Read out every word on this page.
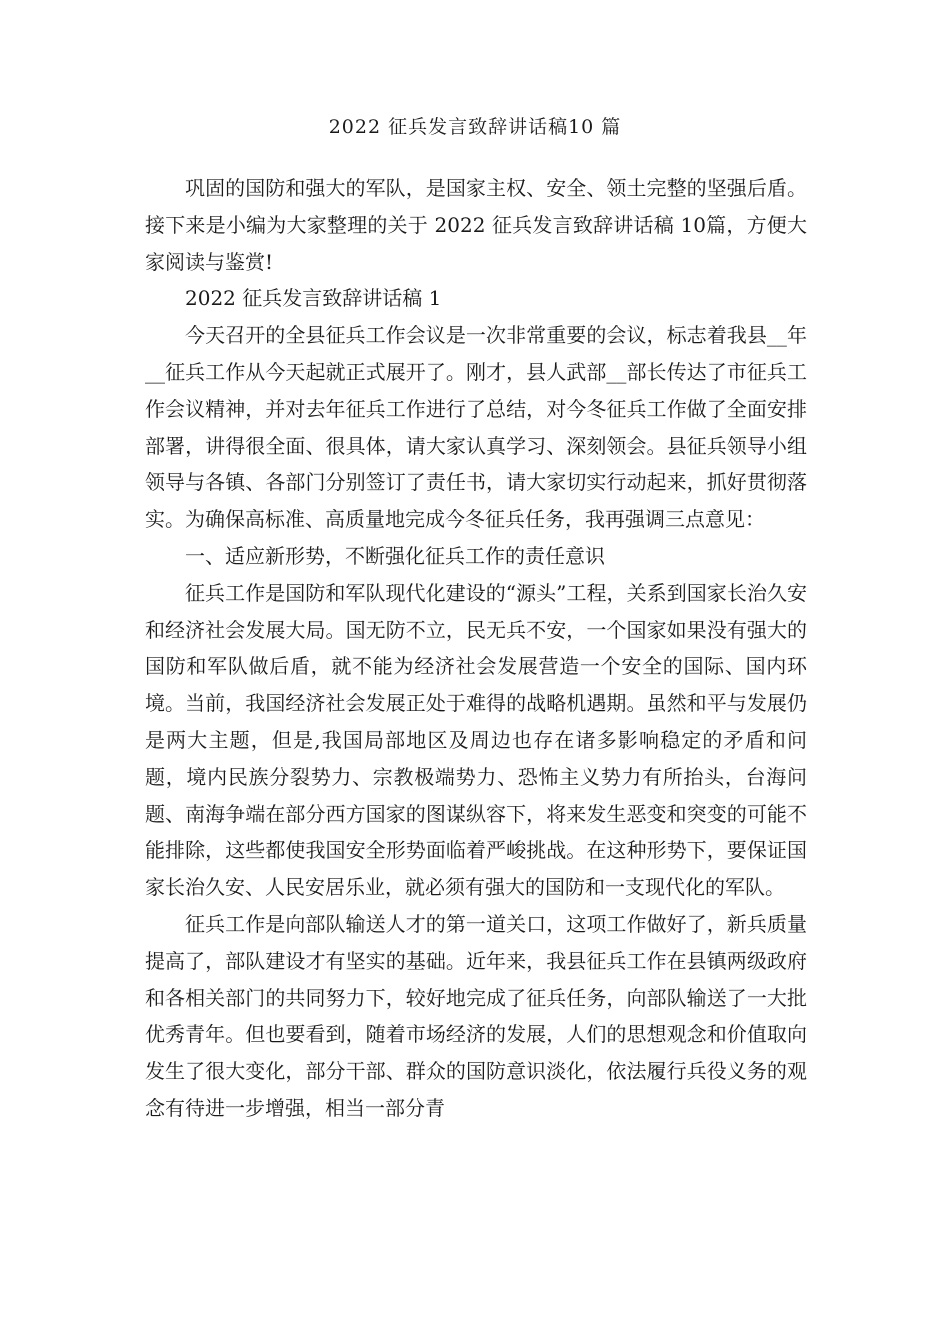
2022 征兵发言致辞讲话稿10 篇

巩固的国防和强大的军队，是国家主权、安全、领土完整的坚强后盾。接下来是小编为大家整理的关于 2022 征兵发言致辞讲话稿 10篇，方便大家阅读与鉴赏!

2022 征兵发言致辞讲话稿 1

今天召开的全县征兵工作会议是一次非常重要的会议，标志着我县__年__征兵工作从今天起就正式展开了。刚才，县人武部__部长传达了市征兵工作会议精神，并对去年征兵工作进行了总结，对今冬征兵工作做了全面安排部署，讲得很全面、很具体，请大家认真学习、深刻领会。县征兵领导小组领导与各镇、各部门分别签订了责任书，请大家切实行动起来，抓好贯彻落实。为确保高标准、高质量地完成今冬征兵任务，我再强调三点意见：

一、适应新形势，不断强化征兵工作的责任意识

征兵工作是国防和军队现代化建设的“源头”工程，关系到国家长治久安和经济社会发展大局。国无防不立，民无兵不安，一个国家如果没有强大的国防和军队做后盾，就不能为经济社会发展营造一个安全的国际、国内环境。当前，我国经济社会发展正处于难得的战略机遇期。虽然和平与发展仍是两大主题，但是,我国局部地区及周边也存在诸多影响稳定的矛盾和问题，境内民族分裂势力、宗教极端势力、恐怖主义势力有所抬头，台海问题、南海争端在部分西方国家的图谋纵容下，将来发生恶变和突变的可能不能排除，这些都使我国安全形势面临着严峻挑战。在这种形势下，要保证国家长治久安、人民安居乐业，就必须有强大的国防和一支现代化的军队。

征兵工作是向部队输送人才的第一道关口，这项工作做好了，新兵质量提高了，部队建设才有坚实的基础。近年来，我县征兵工作在县镇两级政府和各相关部门的共同努力下，较好地完成了征兵任务，向部队输送了一大批优秀青年。但也要看到，随着市场经济的发展，人们的思想观念和价值取向发生了很大变化，部分干部、群众的国防意识淡化，依法履行兵役义务的观念有待进一步增强，相当一部分青
